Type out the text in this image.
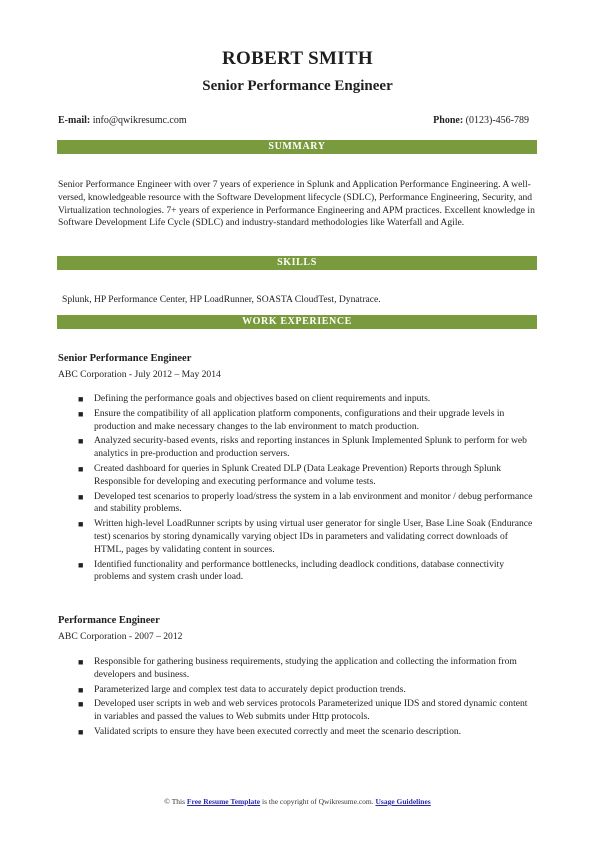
ROBERT SMITH
Senior Performance Engineer
E-mail: info@qwikresumc.com	Phone: (0123)-456-789
SUMMARY
Senior Performance Engineer with over 7 years of experience in Splunk and Application Performance Engineering. A well-versed, knowledgeable resource with the Software Development lifecycle (SDLC), Performance Engineering, Security, and Virtualization technologies. 7+ years of experience in Performance Engineering and APM practices. Excellent knowledge in Software Development Life Cycle (SDLC) and industry-standard methodologies like Waterfall and Agile.
SKILLS
Splunk, HP Performance Center, HP LoadRunner, SOASTA CloudTest, Dynatrace.
WORK EXPERIENCE
Senior Performance Engineer
ABC Corporation - July 2012 – May 2014
■ Defining the performance goals and objectives based on client requirements and inputs.
■ Ensure the compatibility of all application platform components, configurations and their upgrade levels in production and make necessary changes to the lab environment to match production.
■ Analyzed security-based events, risks and reporting instances in Splunk Implemented Splunk to perform for web analytics in pre-production and production servers.
■ Created dashboard for queries in Splunk Created DLP (Data Leakage Prevention) Reports through Splunk Responsible for developing and executing performance and volume tests.
■ Developed test scenarios to properly load/stress the system in a lab environment and monitor / debug performance and stability problems.
■ Written high-level LoadRunner scripts by using virtual user generator for single User, Base Line Soak (Endurance test) scenarios by storing dynamically varying object IDs in parameters and validating correct downloads of HTML, pages by validating content in sources.
■ Identified functionality and performance bottlenecks, including deadlock conditions, database connectivity problems and system crash under load.
Performance Engineer
ABC Corporation - 2007 – 2012
■ Responsible for gathering business requirements, studying the application and collecting the information from developers and business.
■ Parameterized large and complex test data to accurately depict production trends.
■ Developed user scripts in web and web services protocols Parameterized unique IDS and stored dynamic content in variables and passed the values to Web submits under Http protocols.
■ Validated scripts to ensure they have been executed correctly and meet the scenario description.
© This Free Resume Template is the copyright of Qwikresume.com. Usage Guidelines
